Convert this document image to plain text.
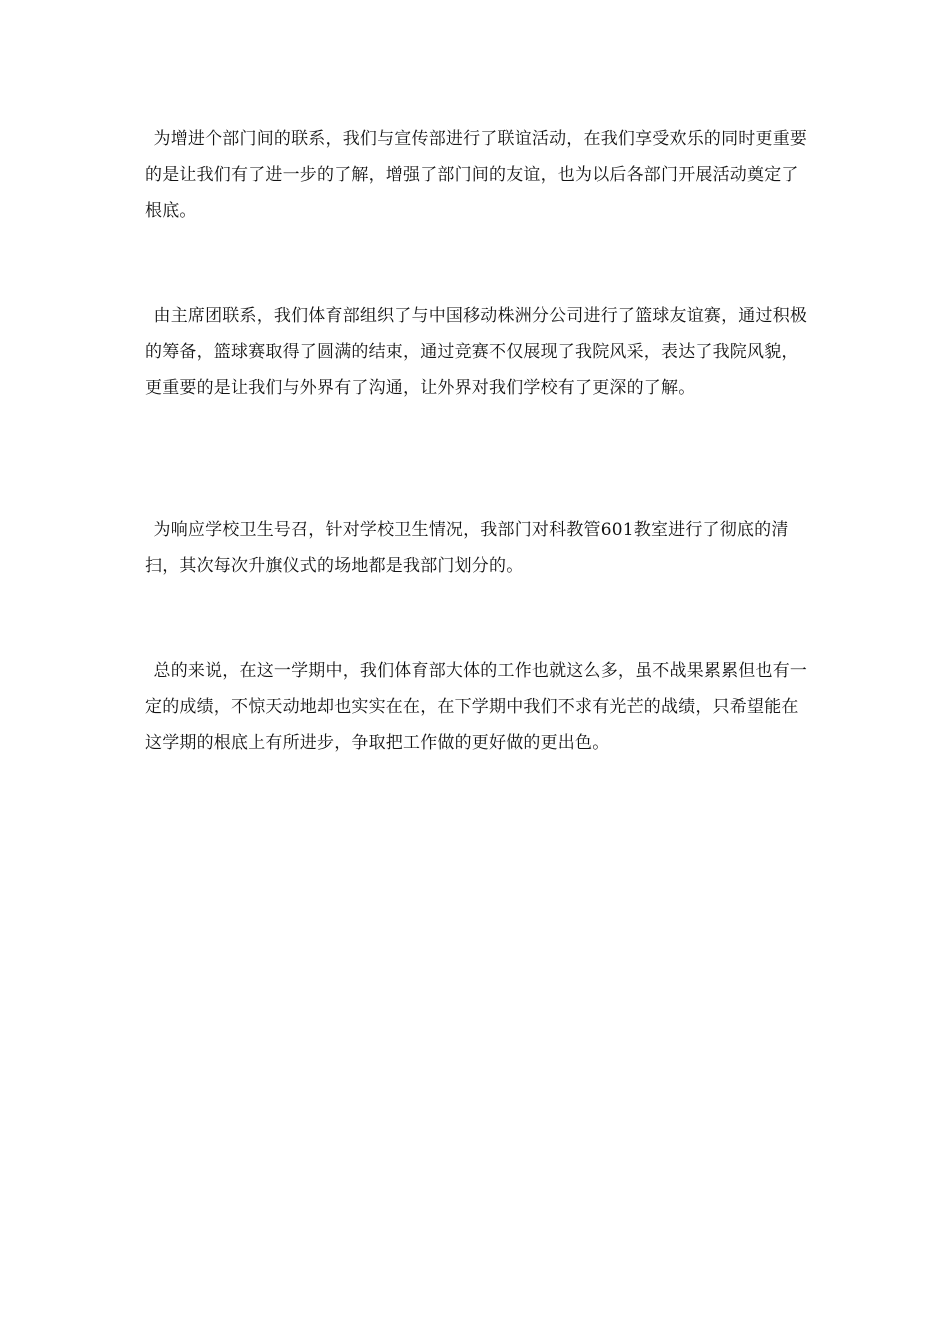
为增进个部门间的联系，我们与宣传部进行了联谊活动，在我们享受欢乐的同时更重要的是让我们有了进一步的了解，增强了部门间的友谊，也为以后各部门开展活动奠定了根底。

由主席团联系，我们体育部组织了与中国移动株洲分公司进行了篮球友谊赛，通过积极的筹备，篮球赛取得了圆满的结束，通过竞赛不仅展现了我院风采，表达了我院风貌，更重要的是让我们与外界有了沟通，让外界对我们学校有了更深的了解。

为响应学校卫生号召，针对学校卫生情况，我部门对科教管601教室进行了彻底的清扫，其次每次升旗仪式的场地都是我部门划分的。

总的来说，在这一学期中，我们体育部大体的工作也就这么多，虽不战果累累但也有一定的成绩，不惊天动地却也实实在在，在下学期中我们不求有光芒的战绩，只希望能在这学期的根底上有所进步，争取把工作做的更好做的更出色。
